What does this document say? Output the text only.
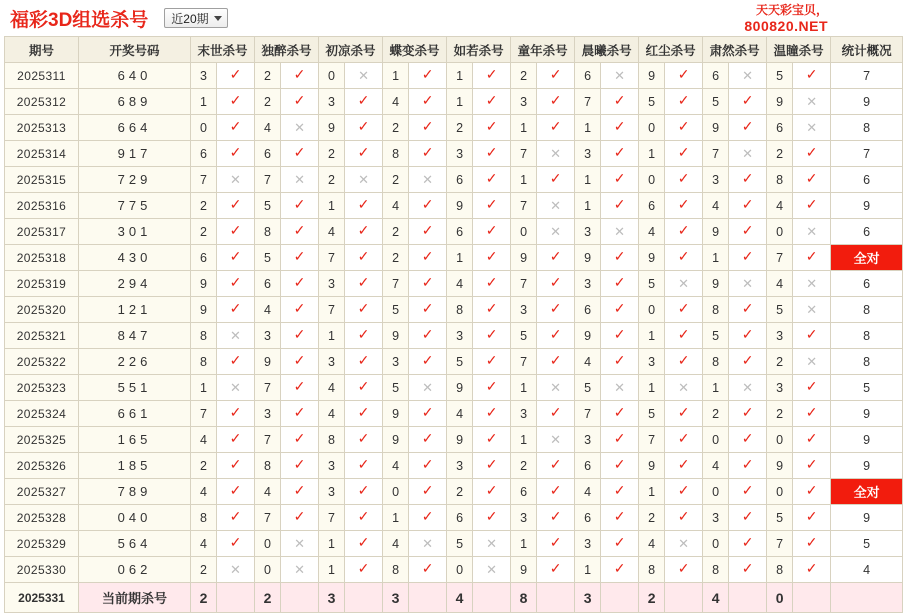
福彩3D组选杀号 近20期
天天彩宝贝，
800820.NET
期号	开奖号码	末世杀号		独醉杀号		初凉杀号		蝶变杀号		如若杀号		童年杀号		晨曦杀号		红尘杀号		肃然杀号		温瞳杀号		统计概况
2025311	640	3	✓	2	✓	0	✕	1	✓	1	✓	2	✓	6	✕	9	✓	6	✕	5	✓	7
2025312	689	1	✓	2	✓	3	✓	4	✓	1	✓	3	✓	7	✓	5	✓	5	✓	9	✕	9
2025313	664	0	✓	4	✕	9	✓	2	✓	2	✓	1	✓	1	✓	0	✓	9	✓	6	✕	8
2025314	917	6	✓	6	✓	2	✓	8	✓	3	✓	7	✕	3	✓	1	✓	7	✕	2	✓	7
2025315	729	7	✕	7	✕	2	✕	2	✕	6	✓	1	✓	1	✓	0	✓	3	✓	8	✓	6
2025316	775	2	✓	5	✓	1	✓	4	✓	9	✓	7	✕	1	✓	6	✓	4	✓	4	✓	9
2025317	301	2	✓	8	✓	4	✓	2	✓	6	✓	0	✕	3	✕	4	✓	9	✓	0	✕	6
2025318	430	6	✓	5	✓	7	✓	2	✓	1	✓	9	✓	9	✓	9	✓	1	✓	7	✓	全对
2025319	294	9	✓	6	✓	3	✓	7	✓	4	✓	7	✓	3	✓	5	✕	9	✕	4	✕	6
2025320	121	9	✓	4	✓	7	✓	5	✓	8	✓	3	✓	6	✓	0	✓	8	✓	5	✕	8
2025321	847	8	✕	3	✓	1	✓	9	✓	3	✓	5	✓	9	✓	1	✓	5	✓	3	✓	8
2025322	226	8	✓	9	✓	3	✓	3	✓	5	✓	7	✓	4	✓	3	✓	8	✓	2	✕	8
2025323	551	1	✕	7	✓	4	✓	5	✕	9	✓	1	✕	5	✕	1	✕	1	✕	3	✓	5
2025324	661	7	✓	3	✓	4	✓	9	✓	4	✓	3	✓	7	✓	5	✓	2	✓	2	✓	9
2025325	165	4	✓	7	✓	8	✓	9	✓	9	✓	1	✕	3	✓	7	✓	0	✓	0	✓	9
2025326	185	2	✓	8	✓	3	✓	4	✓	3	✓	2	✓	6	✓	9	✓	4	✓	9	✓	9
2025327	789	4	✓	4	✓	3	✓	0	✓	2	✓	6	✓	4	✓	1	✓	0	✓	0	✓	全对
2025328	040	8	✓	7	✓	7	✓	1	✓	6	✓	3	✓	6	✓	2	✓	3	✓	5	✓	9
2025329	564	4	✓	0	✕	1	✓	4	✕	5	✕	1	✓	3	✓	4	✕	0	✓	7	✓	5
2025330	062	2	✕	0	✕	1	✓	8	✓	0	✕	9	✓	1	✓	8	✓	8	✓	8	✓	4
2025331	当前期杀号	2		2		3		3		4		8		3		2		4		0		
